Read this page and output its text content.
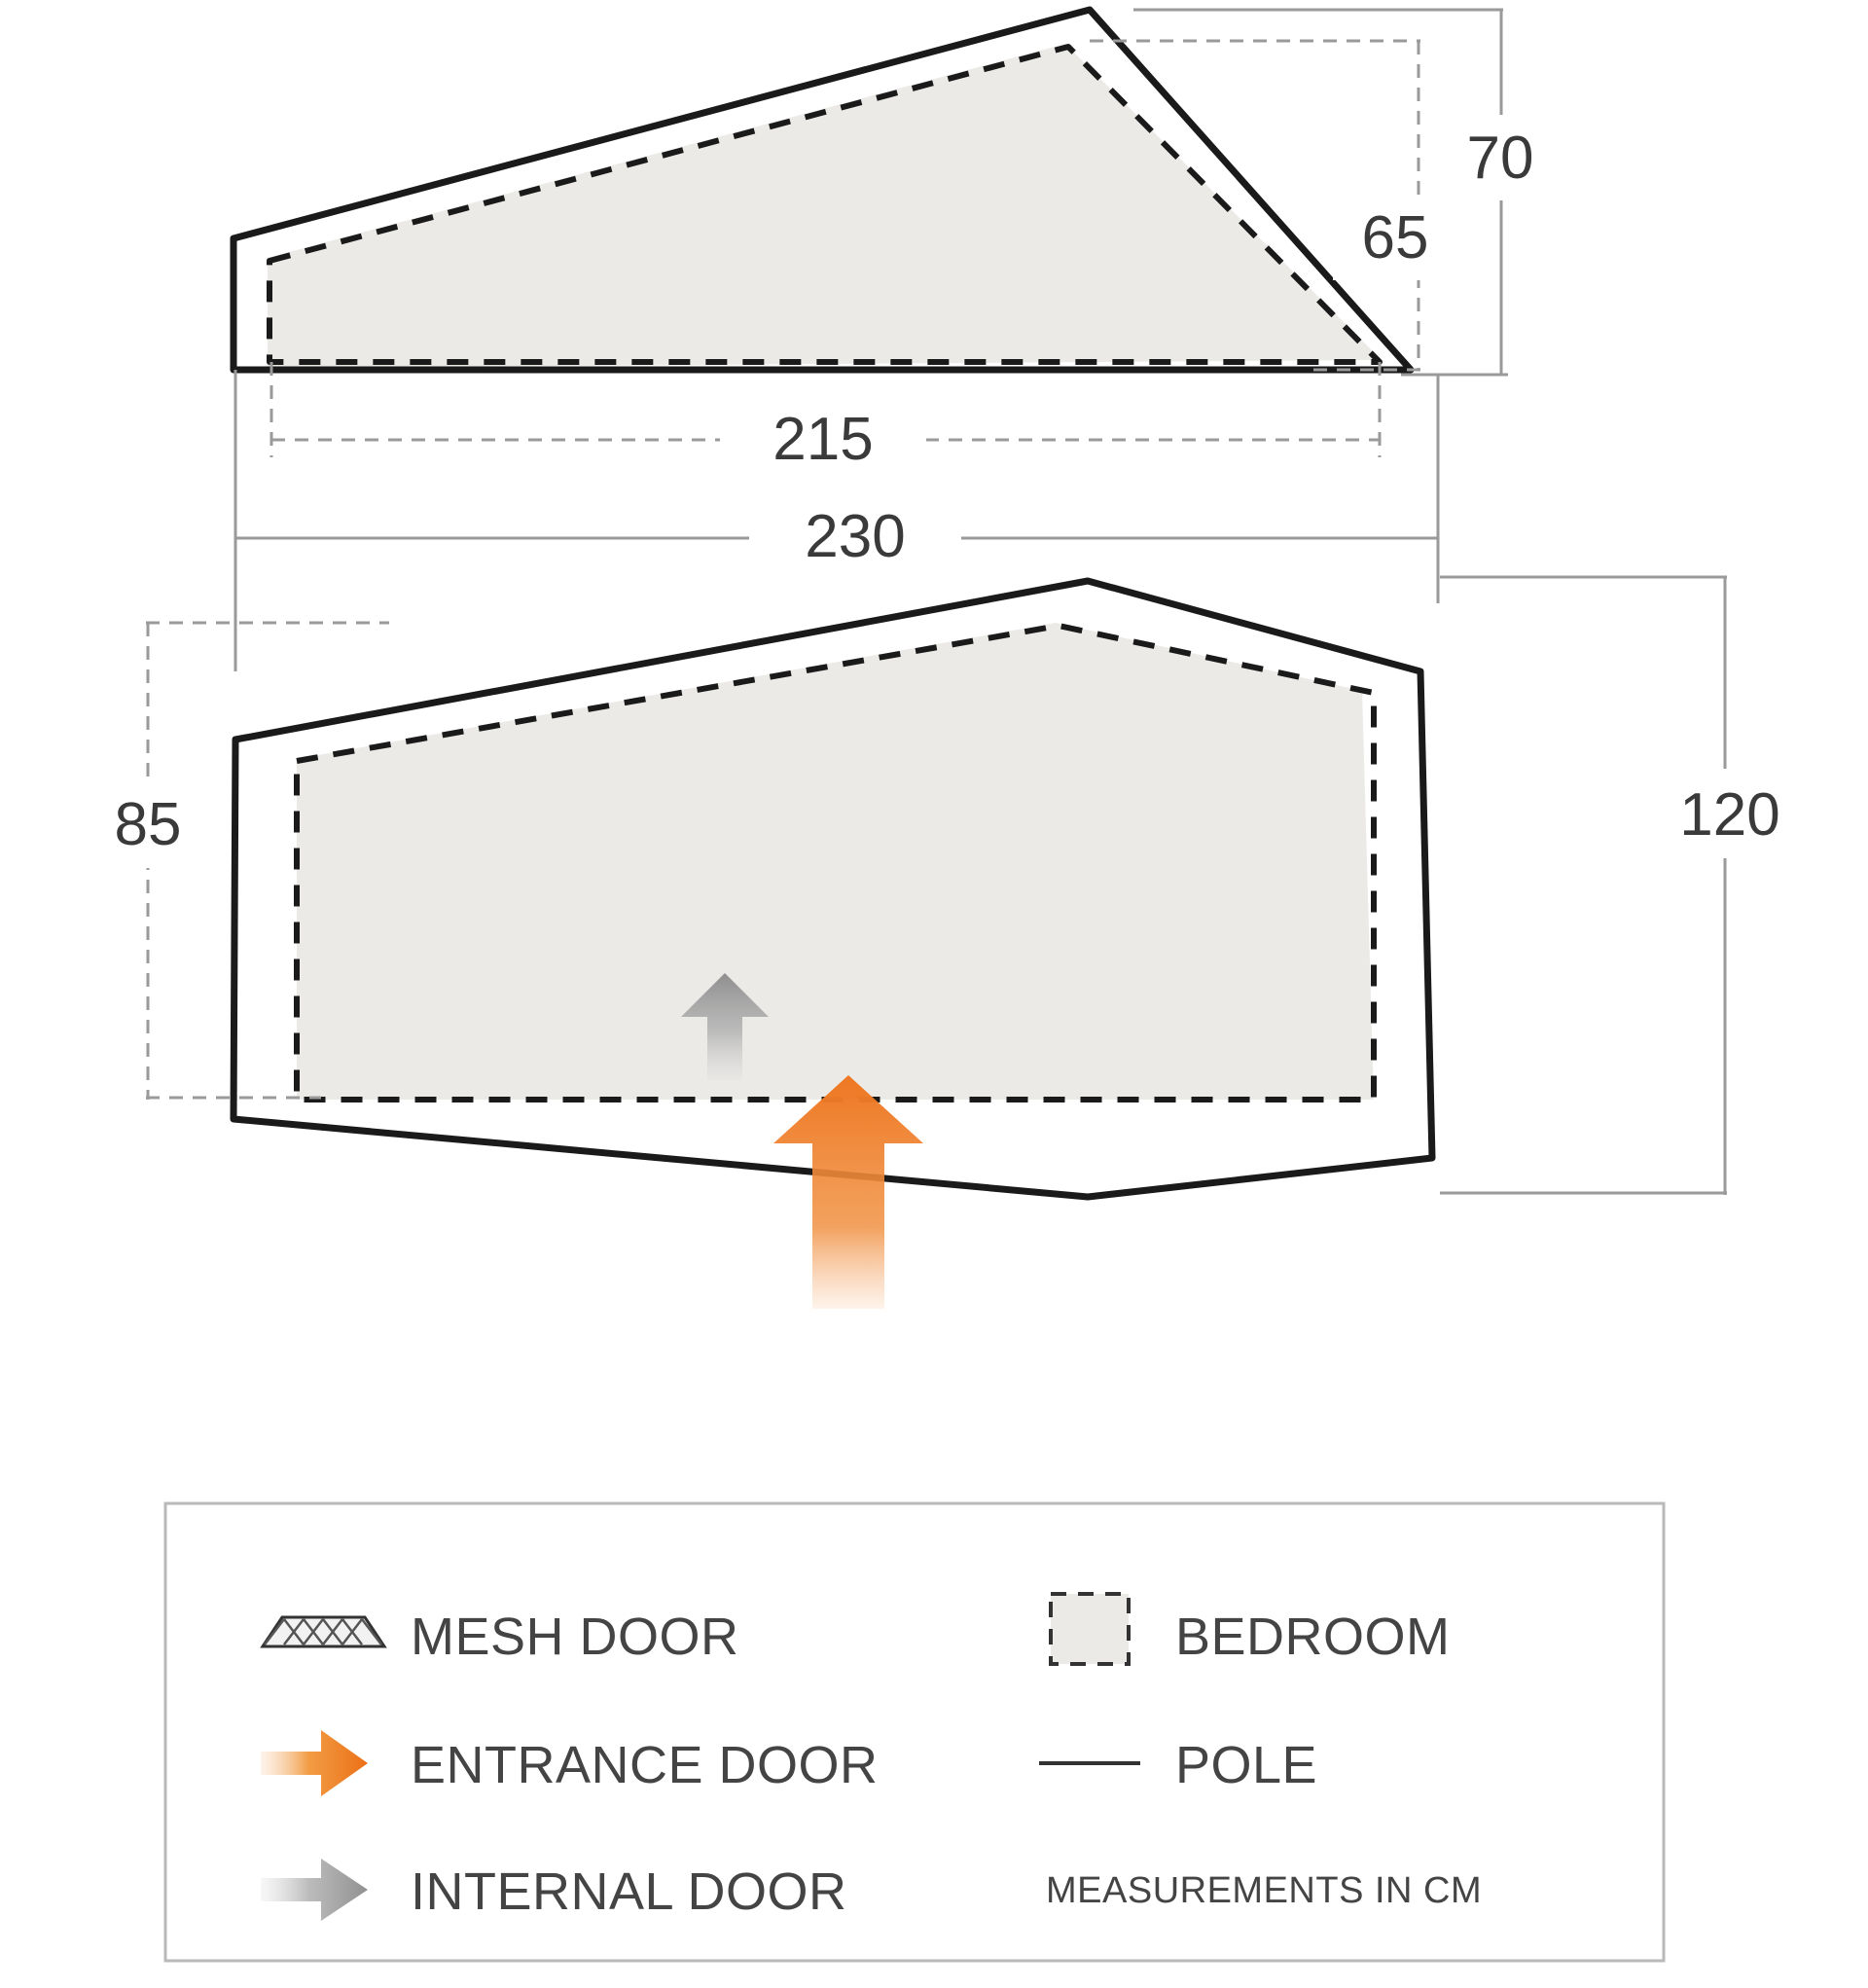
70
65
215
230
85	120
MESH DOOR
ENTRANCE DOOR
INTERNAL DOOR
BEDROOM
POLE
MEASUREMENTS IN CM
